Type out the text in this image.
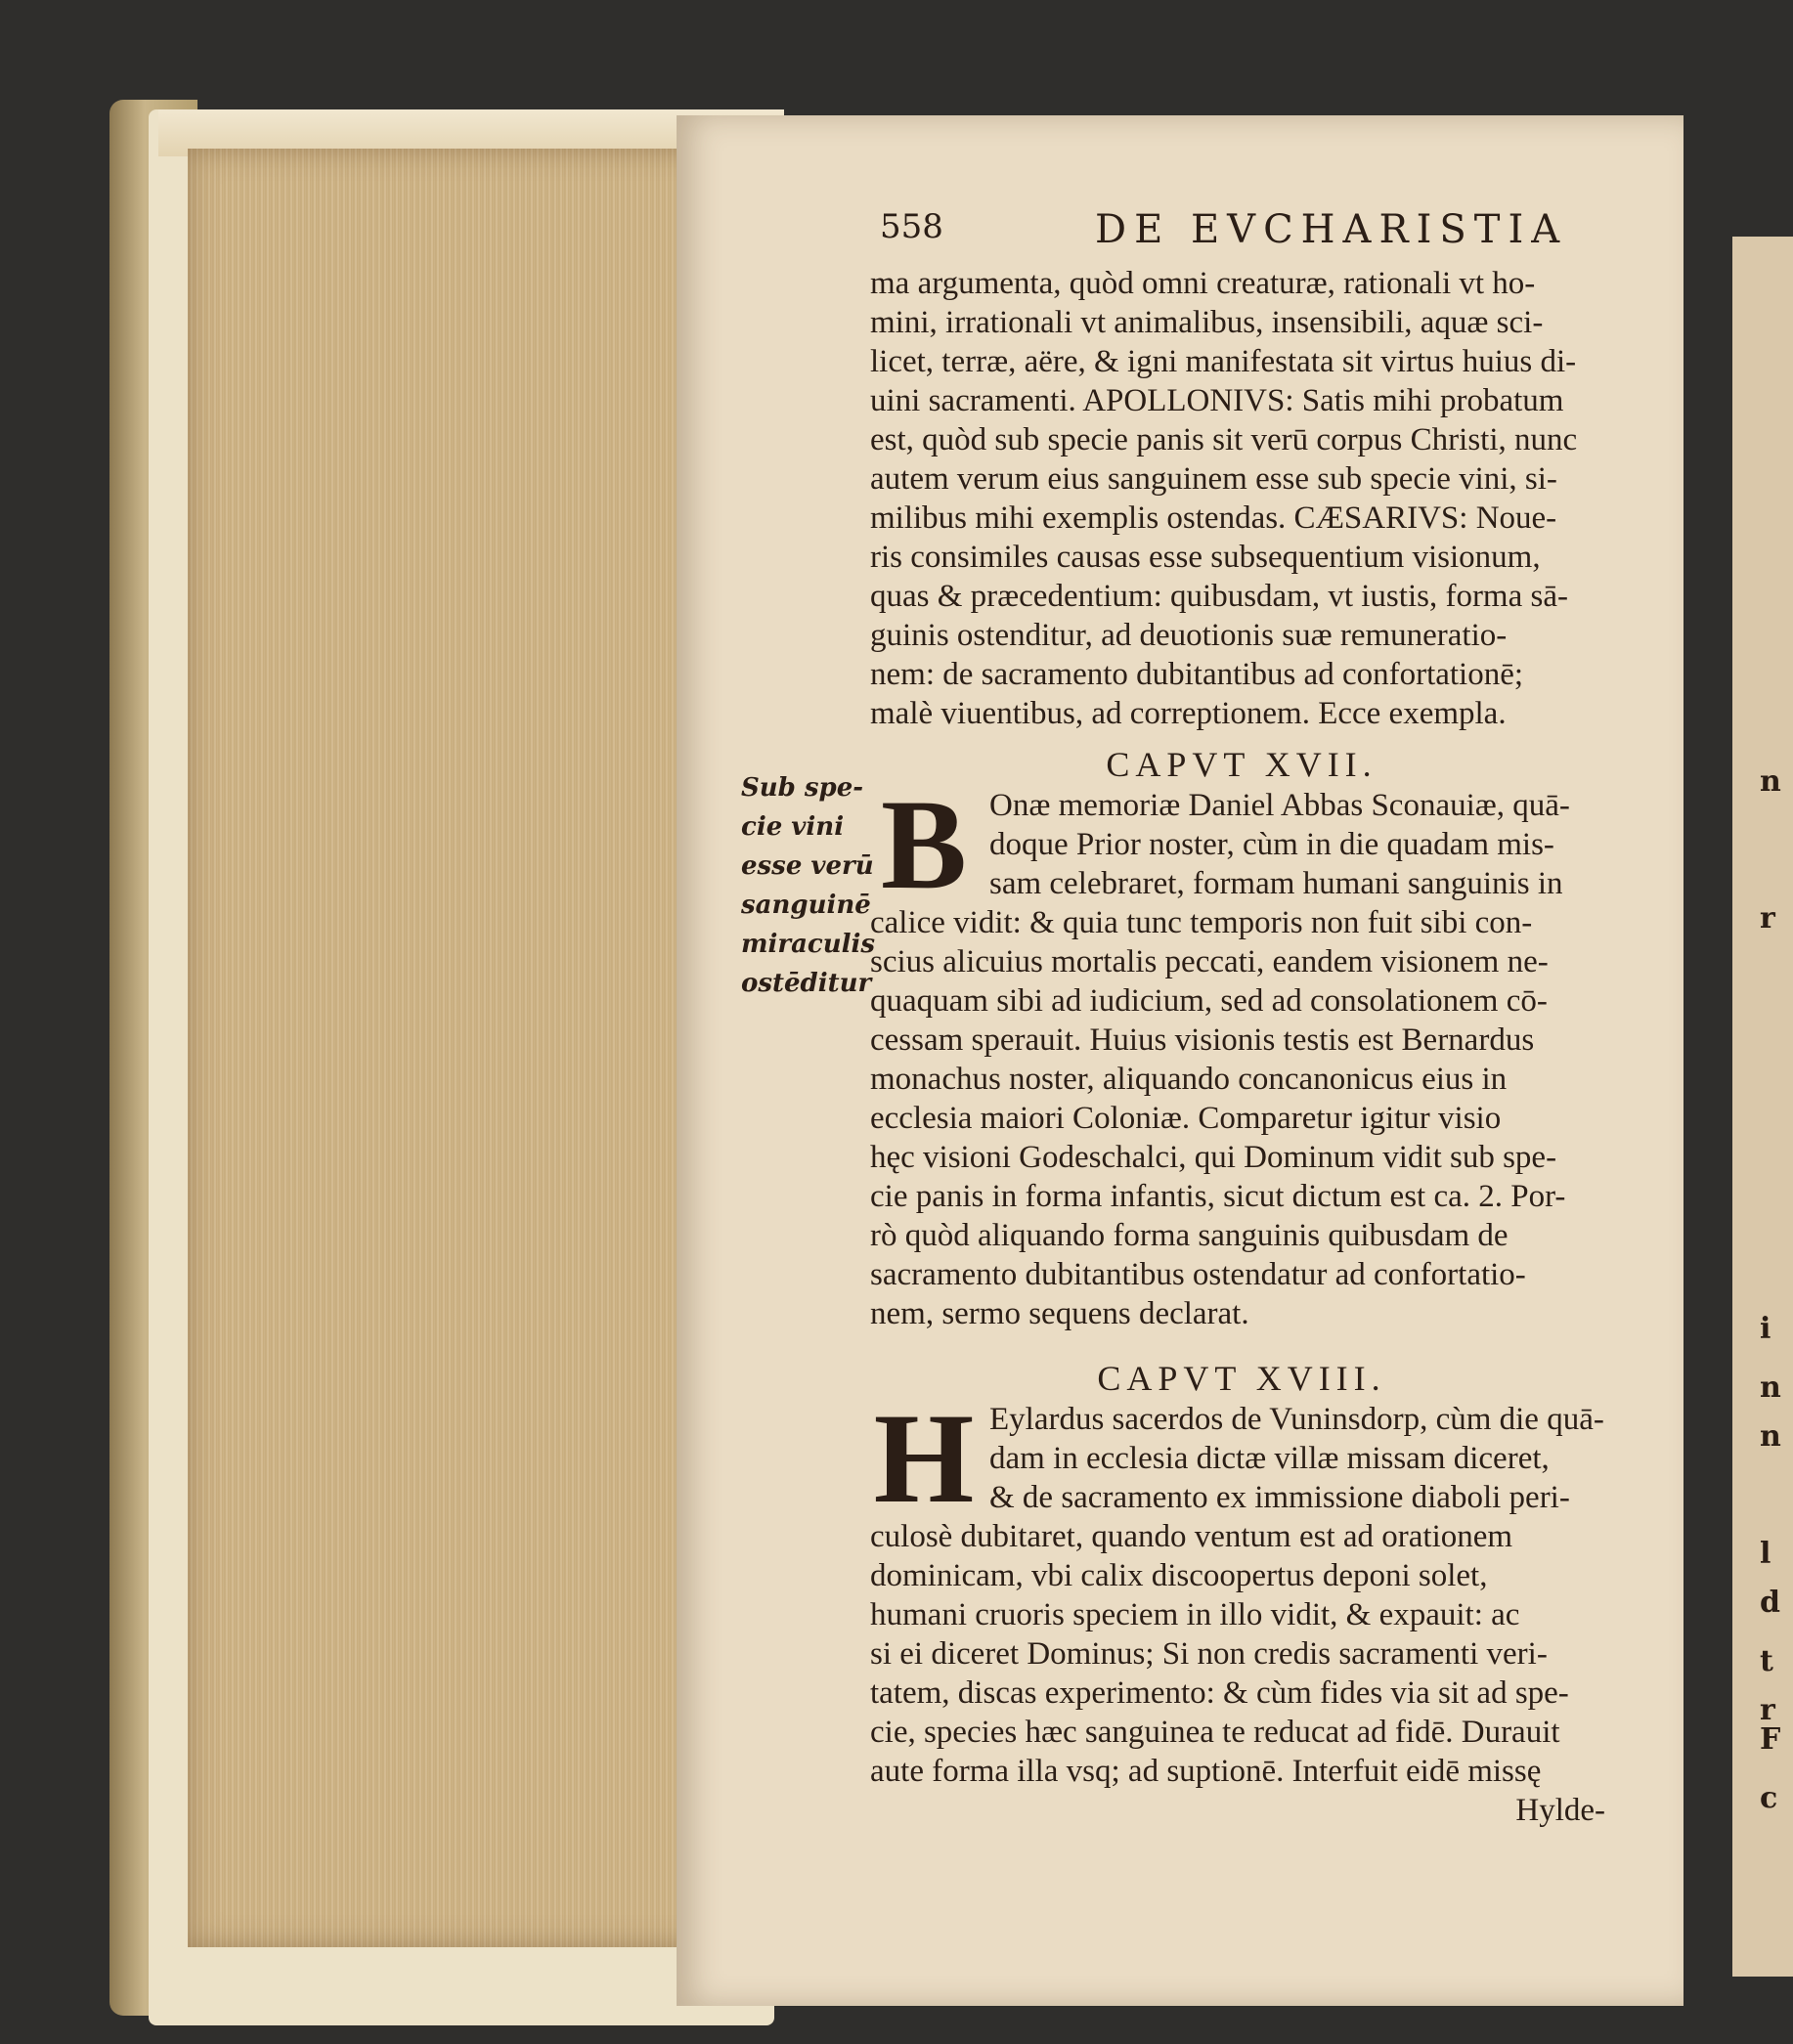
n
r
i
n
n
l
d
t
r
F
c
558	DE EVCHARISTIA
Sub spe-
cie vini
esse verū
sanguinē
miraculis
ostēditur
ma argumenta, quòd omni creaturæ, rationali vt ho-
mini, irrationali vt animalibus, insensibili, aquæ sci-
licet, terræ, aëre, & igni manifestata sit virtus huius di-
uini sacramenti. APOLLONIVS: Satis mihi probatum
est, quòd sub specie panis sit verū corpus Christi, nunc
autem verum eius sanguinem esse sub specie vini, si-
milibus mihi exemplis ostendas. CÆSARIVS: Noue-
ris consimiles causas esse subsequentium visionum,
quas & præcedentium: quibusdam, vt iustis, forma sā-
guinis ostenditur, ad deuotionis suæ remuneratio-
nem: de sacramento dubitantibus ad confortationē;
malè viuentibus, ad correptionem. Ecce exempla.
CAPVT XVII.
B Onæ memoriæ Daniel Abbas Sconauiæ, quā-
doque Prior noster, cùm in die quadam mis-
sam celebraret, formam humani sanguinis in
calice vidit: & quia tunc temporis non fuit sibi con-
scius alicuius mortalis peccati, eandem visionem ne-
quaquam sibi ad iudicium, sed ad consolationem cō-
cessam sperauit. Huius visionis testis est Bernardus
monachus noster, aliquando concanonicus eius in
ecclesia maiori Coloniæ. Comparetur igitur visio
hęc visioni Godeschalci, qui Dominum vidit sub spe-
cie panis in forma infantis, sicut dictum est ca. 2. Por-
rò quòd aliquando forma sanguinis quibusdam de
sacramento dubitantibus ostendatur ad confortatio-
nem, sermo sequens declarat.
CAPVT XVIII.
H Eylardus sacerdos de Vuninsdorp, cùm die quā-
dam in ecclesia dictæ villæ missam diceret,
& de sacramento ex immissione diaboli peri-
culosè dubitaret, quando ventum est ad orationem
dominicam, vbi calix discoopertus deponi solet,
humani cruoris speciem in illo vidit, & expauit: ac
si ei diceret Dominus; Si non credis sacramenti veri-
tatem, discas experimento: & cùm fides via sit ad spe-
cie, species hæc sanguinea te reducat ad fidē. Durauit
aute forma illa vsq; ad suptionē. Interfuit eidē missę
Hylde-
